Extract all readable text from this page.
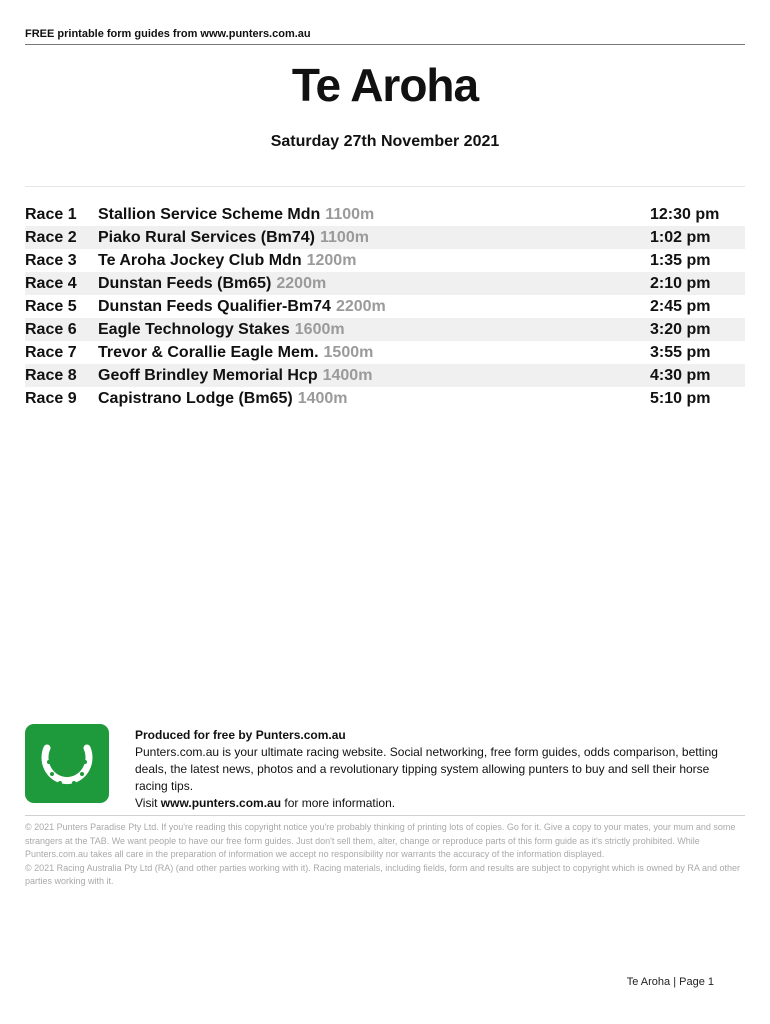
FREE printable form guides from www.punters.com.au
Te Aroha
Saturday 27th November 2021
Race 1	Stallion Service Scheme Mdn 1100m	12:30 pm
Race 2	Piako Rural Services (Bm74) 1100m	1:02 pm
Race 3	Te Aroha Jockey Club Mdn 1200m	1:35 pm
Race 4	Dunstan Feeds (Bm65) 2200m	2:10 pm
Race 5	Dunstan Feeds Qualifier-Bm74 2200m	2:45 pm
Race 6	Eagle Technology Stakes 1600m	3:20 pm
Race 7	Trevor & Corallie Eagle Mem. 1500m	3:55 pm
Race 8	Geoff Brindley Memorial Hcp 1400m	4:30 pm
Race 9	Capistrano Lodge (Bm65) 1400m	5:10 pm
Produced for free by Punters.com.au
Punters.com.au is your ultimate racing website. Social networking, free form guides, odds comparison, betting deals, the latest news, photos and a revolutionary tipping system allowing punters to buy and sell their horse racing tips.
Visit www.punters.com.au for more information.
© 2021 Punters Paradise Pty Ltd. If you're reading this copyright notice you're probably thinking of printing lots of copies. Go for it. Give a copy to your mates, your mum and some strangers at the TAB. We want people to have our free form guides. Just don't sell them, alter, change or reproduce parts of this form guide as it's strictly prohibited. While Punters.com.au takes all care in the preparation of information we accept no responsibility nor warrants the accuracy of the information displayed.
© 2021 Racing Australia Pty Ltd (RA) (and other parties working with it). Racing materials, including fields, form and results are subject to copyright which is owned by RA and other parties working with it.
Te Aroha | Page 1
